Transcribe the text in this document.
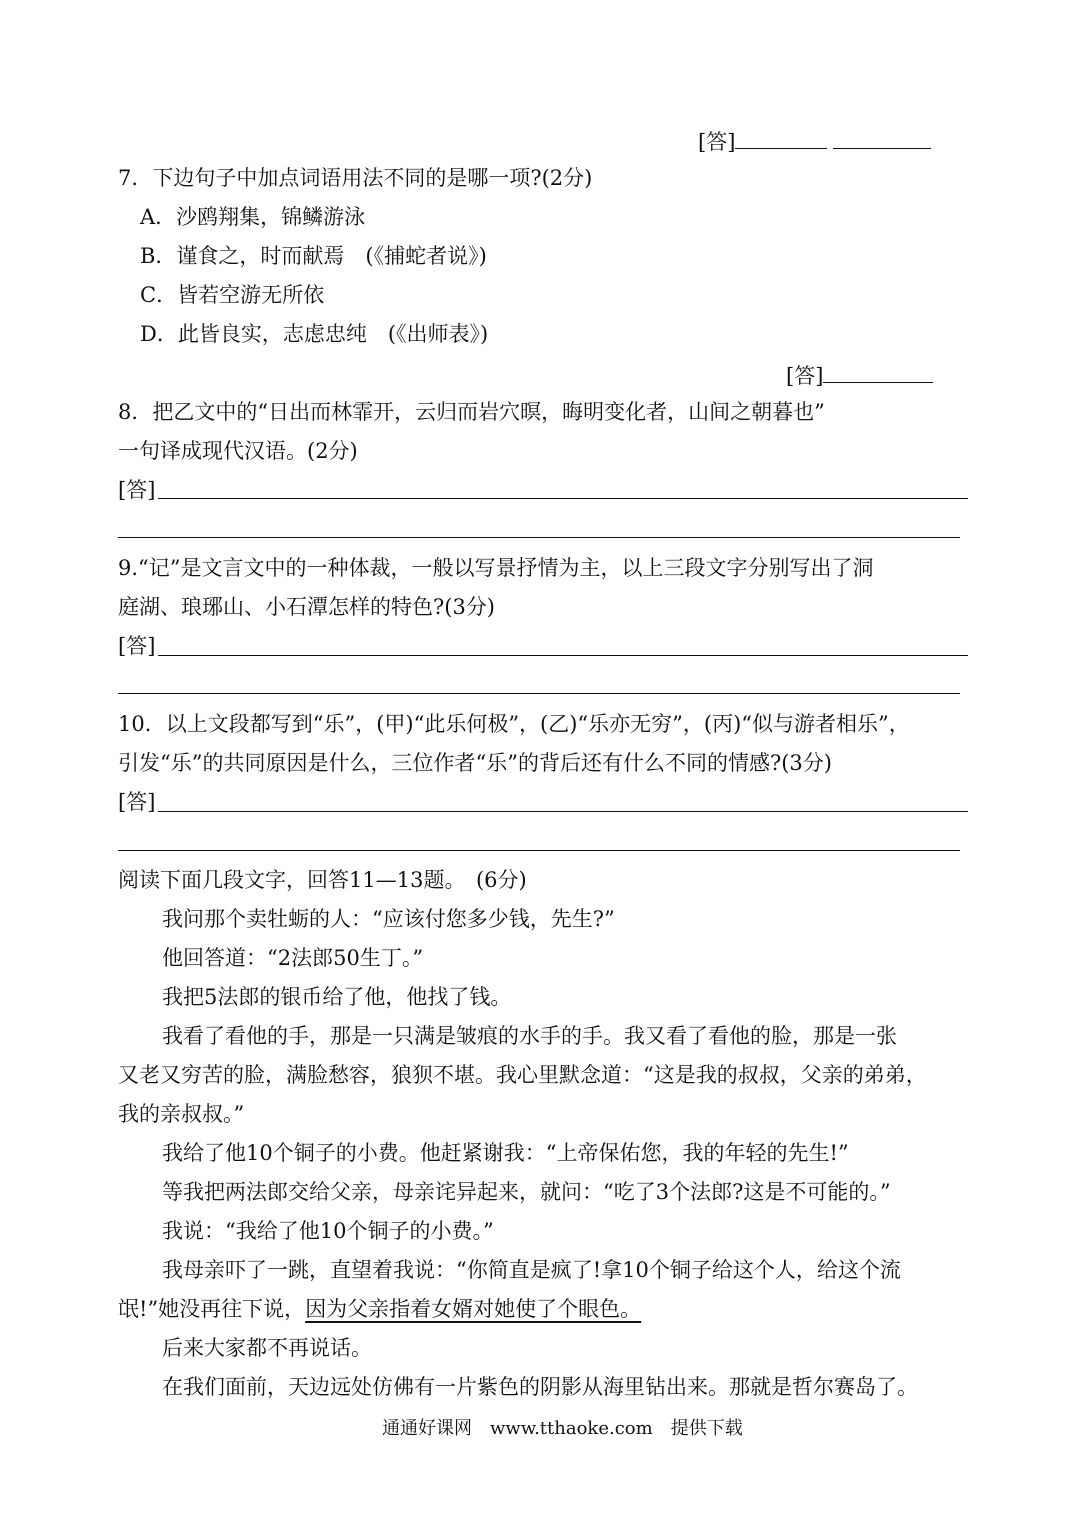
[答]
7．下边句子中加点词语用法不同的是哪一项?(2分)
A．沙鸥翔集，锦鳞游泳
B．谨食之，时而献焉　(《捕蛇者说》)
C．皆若空游无所依
D．此皆良实，志虑忠纯　(《出师表》)
[答]
8．把乙文中的“日出而林霏开，云归而岩穴暝，晦明变化者，山间之朝暮也”
一句译成现代汉语。(2分)
[答]
9.“记”是文言文中的一种体裁，一般以写景抒情为主，以上三段文字分别写出了洞
庭湖、琅琊山、小石潭怎样的特色?(3分)
[答]
10．以上文段都写到“乐”，(甲)“此乐何极”，(乙)“乐亦无穷”，(丙)“似与游者相乐”，
引发“乐”的共同原因是什么，三位作者“乐”的背后还有什么不同的情感?(3分)
[答]
阅读下面几段文字，回答11—13题。　(6分)
我问那个卖牡蛎的人：“应该付您多少钱，先生?”
他回答道：“2法郎50生丁。”
我把5法郎的银币给了他，他找了钱。
我看了看他的手，那是一只满是皱痕的水手的手。我又看了看他的脸，那是一张
又老又穷苦的脸，满脸愁容，狼狈不堪。我心里默念道：“这是我的叔叔，父亲的弟弟，
我的亲叔叔。”
我给了他10个铜子的小费。他赶紧谢我：“上帝保佑您，我的年轻的先生!”
等我把两法郎交给父亲，母亲诧异起来，就问：“吃了3个法郎?这是不可能的。”
我说：“我给了他10个铜子的小费。”
我母亲吓了一跳，直望着我说：“你简直是疯了!拿10个铜子给这个人，给这个流
氓!”她没再往下说，因为父亲指着女婿对她使了个眼色。
后来大家都不再说话。
在我们面前，天边远处仿佛有一片紫色的阴影从海里钻出来。那就是哲尔赛岛了。
通通好课网　www.tthaoke.com　提供下载
